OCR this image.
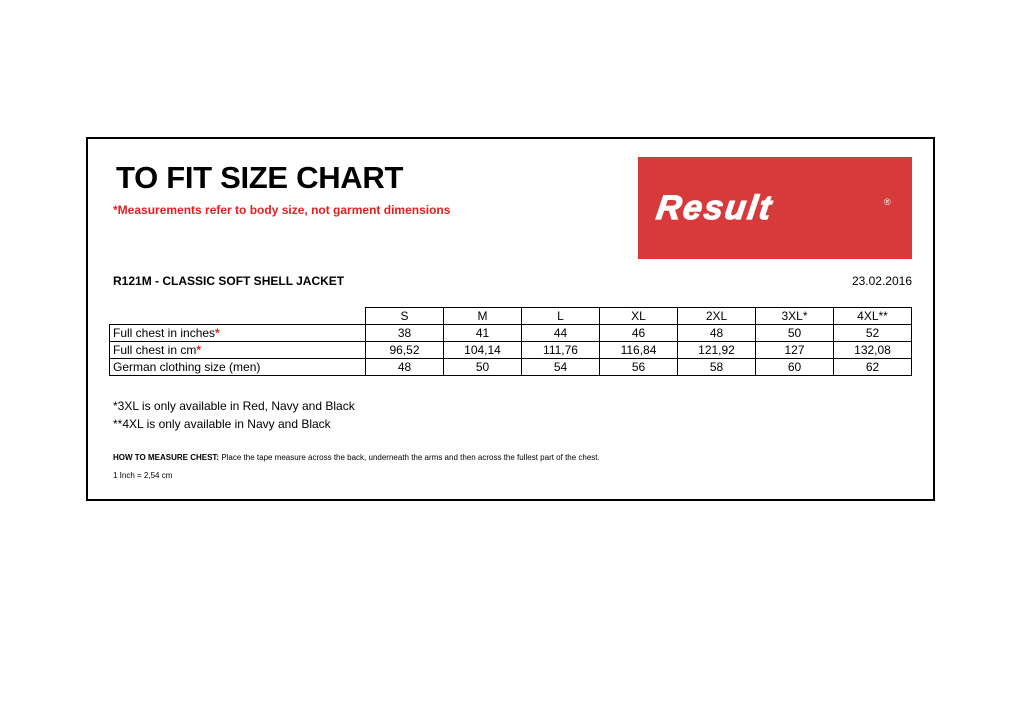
TO FIT SIZE CHART
*Measurements refer to body size, not garment dimensions	Result	®
R121M - CLASSIC SOFT SHELL JACKET	23.02.2016
	S	M	L	XL	2XL	3XL*	4XL**
Full chest in inches*	38	41	44	46	48	50	52
Full chest in cm*	96,52	104,14	111,76	116,84	121,92	127	132,08
German clothing size (men)	48	50	54	56	58	60	62
*3XL is only available in Red, Navy and Black
**4XL is only available in Navy and Black
HOW TO MEASURE CHEST: Place the tape measure across the back, underneath the arms and then across the fullest part of the chest.
1 Inch = 2,54 cm
